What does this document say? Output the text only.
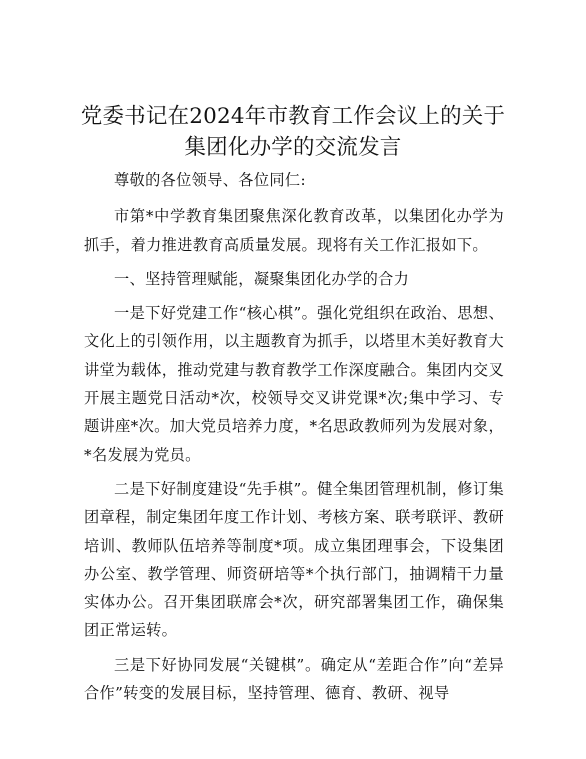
党委书记在2024年市教育工作会议上的关于集团化办学的交流发言

尊敬的各位领导、各位同仁:

市第*中学教育集团聚焦深化教育改革，以集团化办学为抓手，着力推进教育高质量发展。现将有关工作汇报如下。

一、坚持管理赋能，凝聚集团化办学的合力

一是下好党建工作“核心棋”。强化党组织在政治、思想、文化上的引领作用，以主题教育为抓手，以塔里木美好教育大讲堂为载体，推动党建与教育教学工作深度融合。集团内交叉开展主题党日活动*次，校领导交叉讲党课*次;集中学习、专题讲座*次。加大党员培养力度，*名思政教师列为发展对象，*名发展为党员。

二是下好制度建设“先手棋”。健全集团管理机制，修订集团章程，制定集团年度工作计划、考核方案、联考联评、教研培训、教师队伍培养等制度*项。成立集团理事会，下设集团办公室、教学管理、师资研培等*个执行部门，抽调精干力量实体办公。召开集团联席会*次，研究部署集团工作，确保集团正常运转。

三是下好协同发展“关键棋”。确定从“差距合作”向“差异合作”转变的发展目标，坚持管理、德育、教研、视导
